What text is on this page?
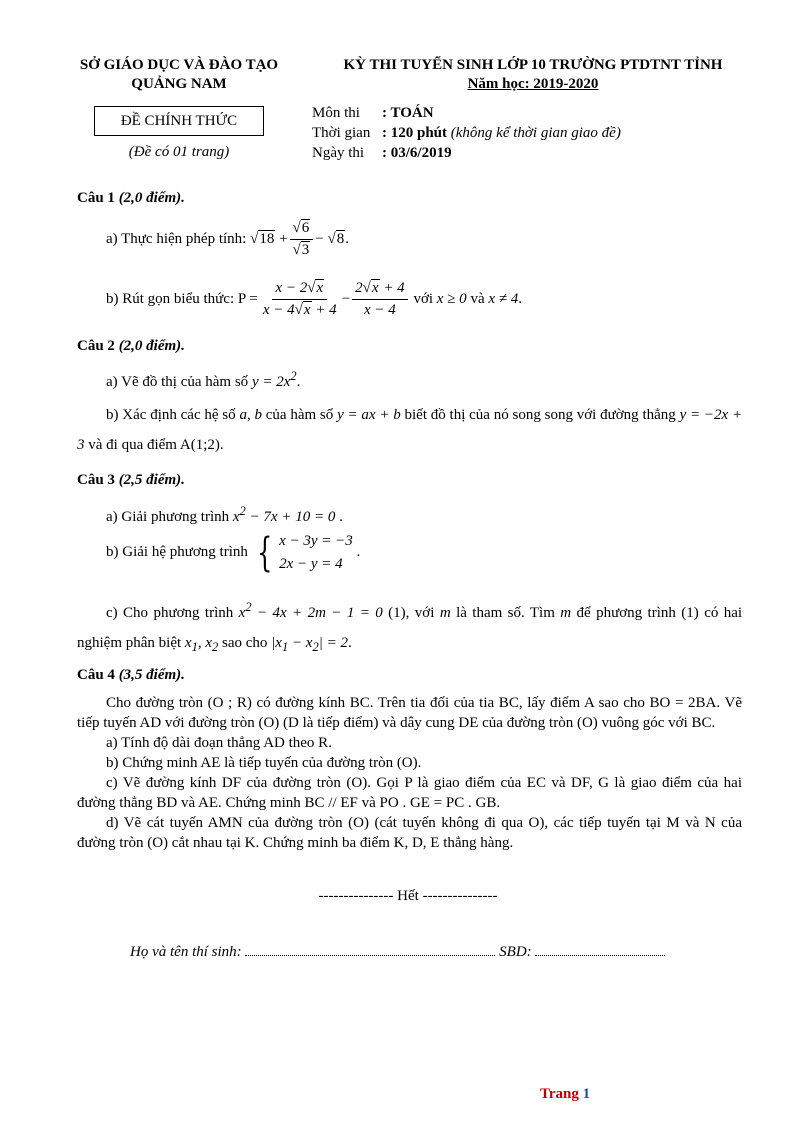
SỞ GIÁO DỤC VÀ ĐÀO TẠO
QUẢNG NAM
KỲ THI TUYỂN SINH LỚP 10 TRƯỜNG PTDTNT TỈNH
Năm học: 2019-2020
ĐỀ CHÍNH THỨC
(Đề có 01 trang)
Môn thi : TOÁN
Thời gian : 120 phút (không kể thời gian giao đề)
Ngày thi : 03/6/2019
Câu 1 (2,0 điểm).
a) Thực hiện phép tính:
√ 18 + √ 6
√ 3 − √ 8 .
b) Rút gọn biểu thức:
$P = \frac{x - 2 √ x}{x - 4 √ x + 4} - \frac{2 √ x + 4}{x - 4}$
với
x ≥ 0
và
x ≠ 4 .
Câu 2 (2,0 điểm).
a) Vẽ đồ thị của hàm số $y = 2x^2$.
b) Xác định các hệ số a, b của hàm số y = ax + b biết đồ thị của nó song song với đường thẳng y = −2x + 3 và đi qua điểm A(1;2).
Câu 3 (2,5 điểm).
a) Giải phương trình $x^2 - 7x + 10 = 0$ .
b) Giải hệ phương trình
{ x − 3y = −3
2x − y = 4
.
c) Cho phương trình $x^2 - 4x + 2m - 1 = 0$ (1), với m là tham số. Tìm m để phương trình (1) có hai nghiệm phân biệt $x_1$, $x_2$ sao cho $|x_1 - x_2| = 2$.
Câu 4 (3,5 điểm).
Cho đường tròn (O ; R) có đường kính BC. Trên tia đối của tia BC, lấy điểm A sao cho BO = 2BA. Vẽ tiếp tuyến AD với đường tròn (O) (D là tiếp điểm) và dây cung DE của đường tròn (O) vuông góc với BC.
a) Tính độ dài đoạn thẳng AD theo R.
b) Chứng minh AE là tiếp tuyến của đường tròn (O).
c) Vẽ đường kính DF của đường tròn (O). Gọi P là giao điểm của EC và DF, G là giao điểm của hai đường thẳng BD và AE. Chứng minh BC // EF và PO . GE = PC . GB.
d) Vẽ cát tuyến AMN của đường tròn (O) (cát tuyến không đi qua O), các tiếp tuyến tại M và N của đường tròn (O) cắt nhau tại K. Chứng minh ba điểm K, D, E thẳng hàng.
--------------- Hết ---------------
Họ và tên thí sinh:	SBD:
Trang 1
